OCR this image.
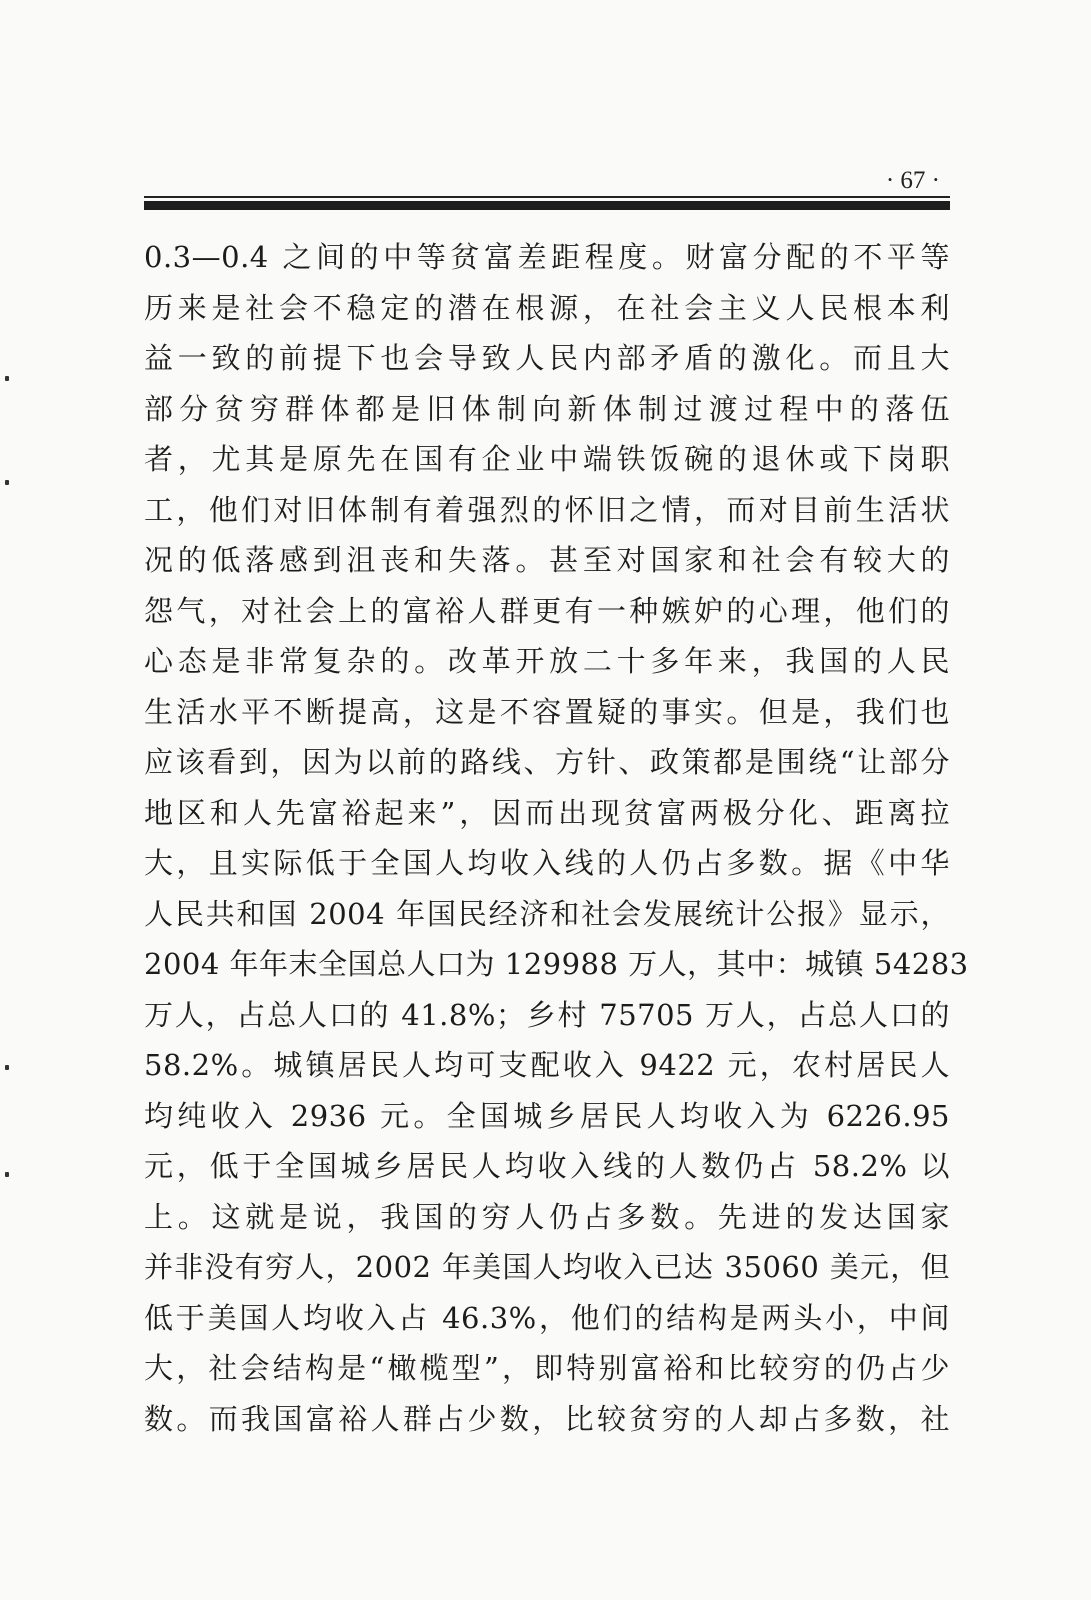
· 67 ·
0.3—0.4 之间的中等贫富差距程度。财富分配的不平等
历来是社会不稳定的潜在根源，在社会主义人民根本利
益一致的前提下也会导致人民内部矛盾的激化。而且大
部分贫穷群体都是旧体制向新体制过渡过程中的落伍
者，尤其是原先在国有企业中端铁饭碗的退休或下岗职
工，他们对旧体制有着强烈的怀旧之情，而对目前生活状
况的低落感到沮丧和失落。甚至对国家和社会有较大的
怨气，对社会上的富裕人群更有一种嫉妒的心理，他们的
心态是非常复杂的。改革开放二十多年来，我国的人民
生活水平不断提高，这是不容置疑的事实。但是，我们也
应该看到，因为以前的路线、方针、政策都是围绕“让部分
地区和人先富裕起来”，因而出现贫富两极分化、距离拉
大，且实际低于全国人均收入线的人仍占多数。据《中华
人民共和国 2004 年国民经济和社会发展统计公报》显示，
2004 年年末全国总人口为 129988 万人，其中：城镇 54283
万人，占总人口的 41.8%；乡村 75705 万人，占总人口的
58.2%。城镇居民人均可支配收入 9422 元，农村居民人
均纯收入 2936 元。全国城乡居民人均收入为 6226.95
元，低于全国城乡居民人均收入线的人数仍占 58.2% 以
上。这就是说，我国的穷人仍占多数。先进的发达国家
并非没有穷人，2002 年美国人均收入已达 35060 美元，但
低于美国人均收入占 46.3%，他们的结构是两头小，中间
大，社会结构是“橄榄型”，即特别富裕和比较穷的仍占少
数。而我国富裕人群占少数，比较贫穷的人却占多数，社
